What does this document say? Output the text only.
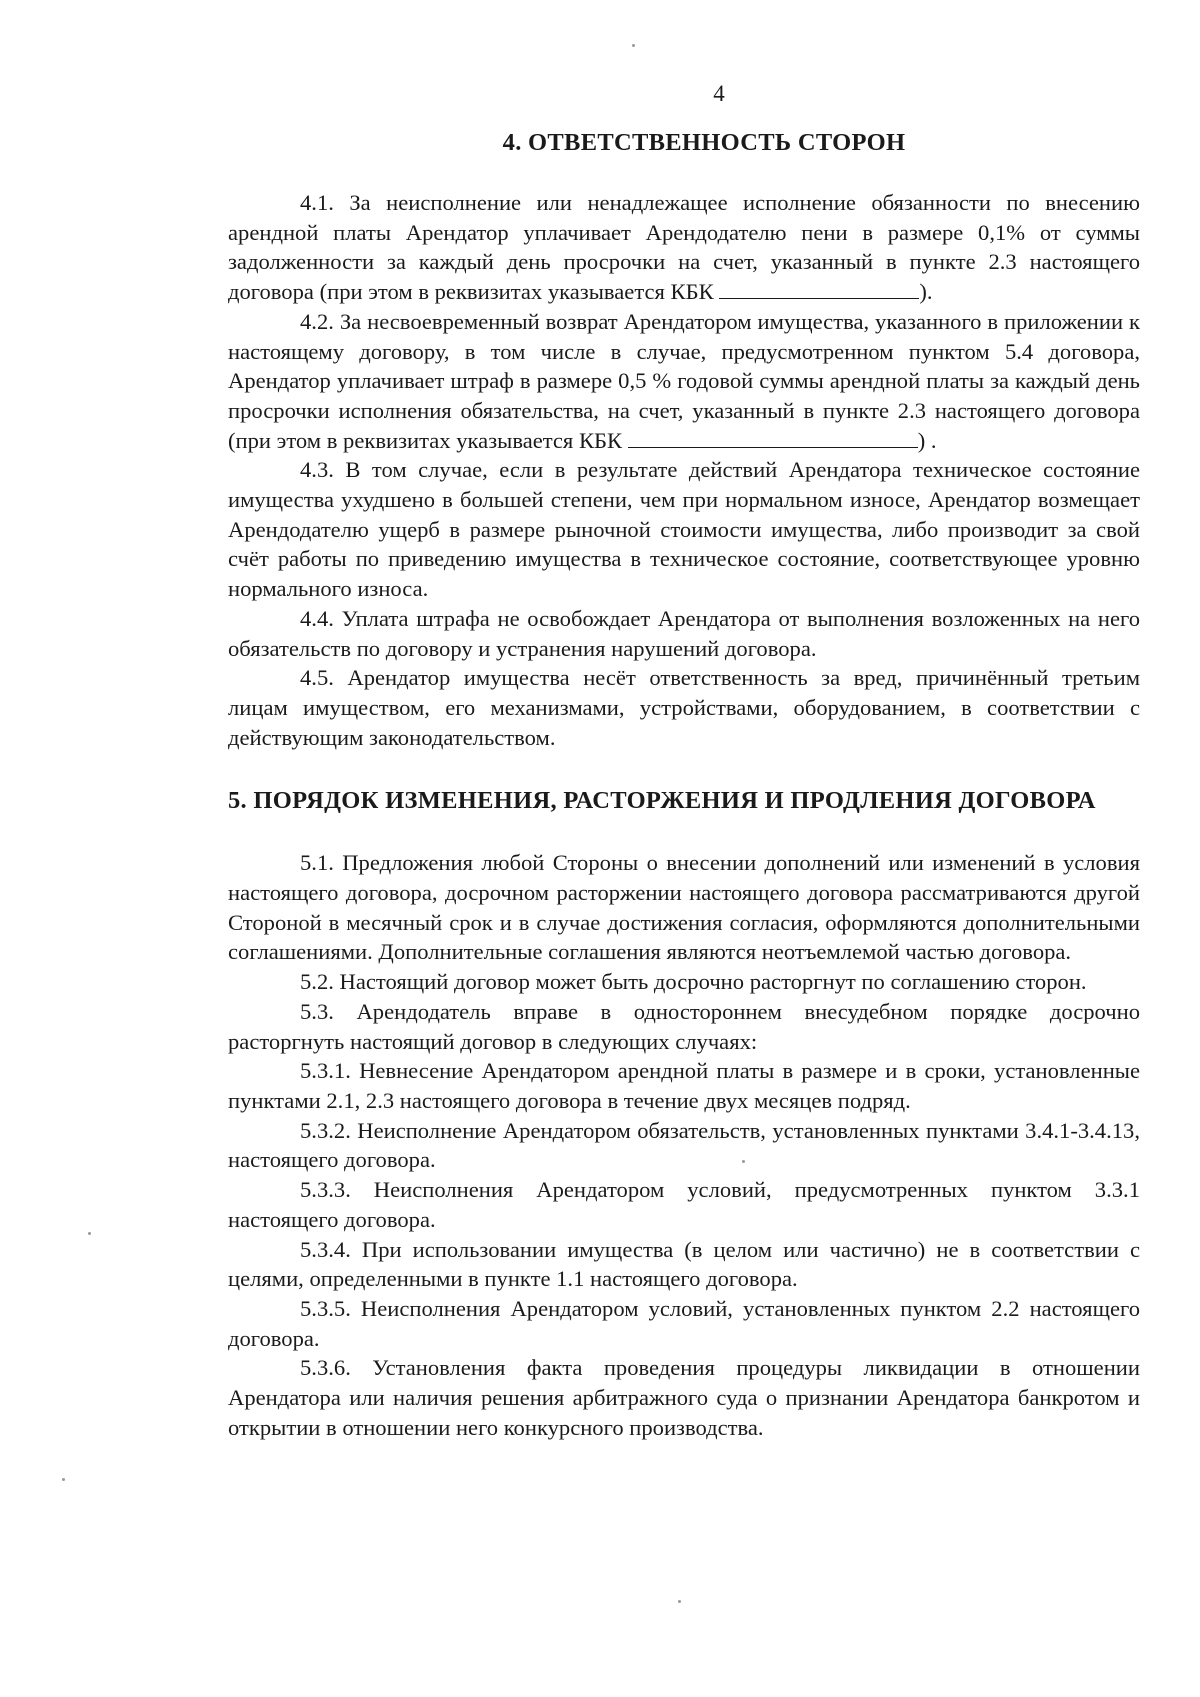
4
4. ОТВЕТСТВЕННОСТЬ СТОРОН

4.1. За неисполнение или ненадлежащее исполнение обязанности по внесению арендной платы Арендатор уплачивает Арендодателю пени в размере 0,1% от суммы задолженности за каждый день просрочки на счет, указанный в пункте 2.3 настоящего договора (при этом в реквизитах указывается КБК	).

4.2. За несвоевременный возврат Арендатором имущества, указанного в приложении к настоящему договору, в том числе в случае, предусмотренном пунктом 5.4 договора, Арендатор уплачивает штраф в размере 0,5 % годовой суммы арендной платы за каждый день просрочки исполнения обязательства, на счет, указанный в пункте 2.3 настоящего договора (при этом в реквизитах указывается КБК	) .

4.3. В том случае, если в результате действий Арендатора техническое состояние имущества ухудшено в большей степени, чем при нормальном износе, Арендатор возмещает Арендодателю ущерб в размере рыночной стоимости имущества, либо производит за свой счёт работы по приведению имущества в техническое состояние, соответствующее уровню нормального износа.

4.4. Уплата штрафа не освобождает Арендатора от выполнения возложенных на него обязательств по договору и устранения нарушений договора.

4.5. Арендатор имущества несёт ответственность за вред, причинённый третьим лицам имуществом, его механизмами, устройствами, оборудованием, в соответствии с действующим законодательством.

5. ПОРЯДОК ИЗМЕНЕНИЯ, РАСТОРЖЕНИЯ И ПРОДЛЕНИЯ ДОГОВОРА

5.1. Предложения любой Стороны о внесении дополнений или изменений в условия настоящего договора, досрочном расторжении настоящего договора рассматриваются другой Стороной в месячный срок и в случае достижения согласия, оформляются дополнительными соглашениями. Дополнительные соглашения являются неотъемлемой частью договора.

5.2. Настоящий договор может быть досрочно расторгнут по соглашению сторон.

5.3. Арендодатель вправе в одностороннем внесудебном порядке досрочно расторгнуть настоящий договор в следующих случаях:

5.3.1. Невнесение Арендатором арендной платы в размере и в сроки, установленные пунктами 2.1, 2.3 настоящего договора в течение двух месяцев подряд.

5.3.2. Неисполнение Арендатором обязательств, установленных пунктами 3.4.1-3.4.13, настоящего договора.

5.3.3. Неисполнения Арендатором условий, предусмотренных пунктом 3.3.1 настоящего договора.

5.3.4. При использовании имущества (в целом или частично) не в соответствии с целями, определенными в пункте 1.1 настоящего договора.

5.3.5. Неисполнения Арендатором условий, установленных пунктом 2.2 настоящего договора.

5.3.6. Установления факта проведения процедуры ликвидации в отношении Арендатора или наличия решения арбитражного суда о признании Арендатора банкротом и открытии в отношении него конкурсного производства.
